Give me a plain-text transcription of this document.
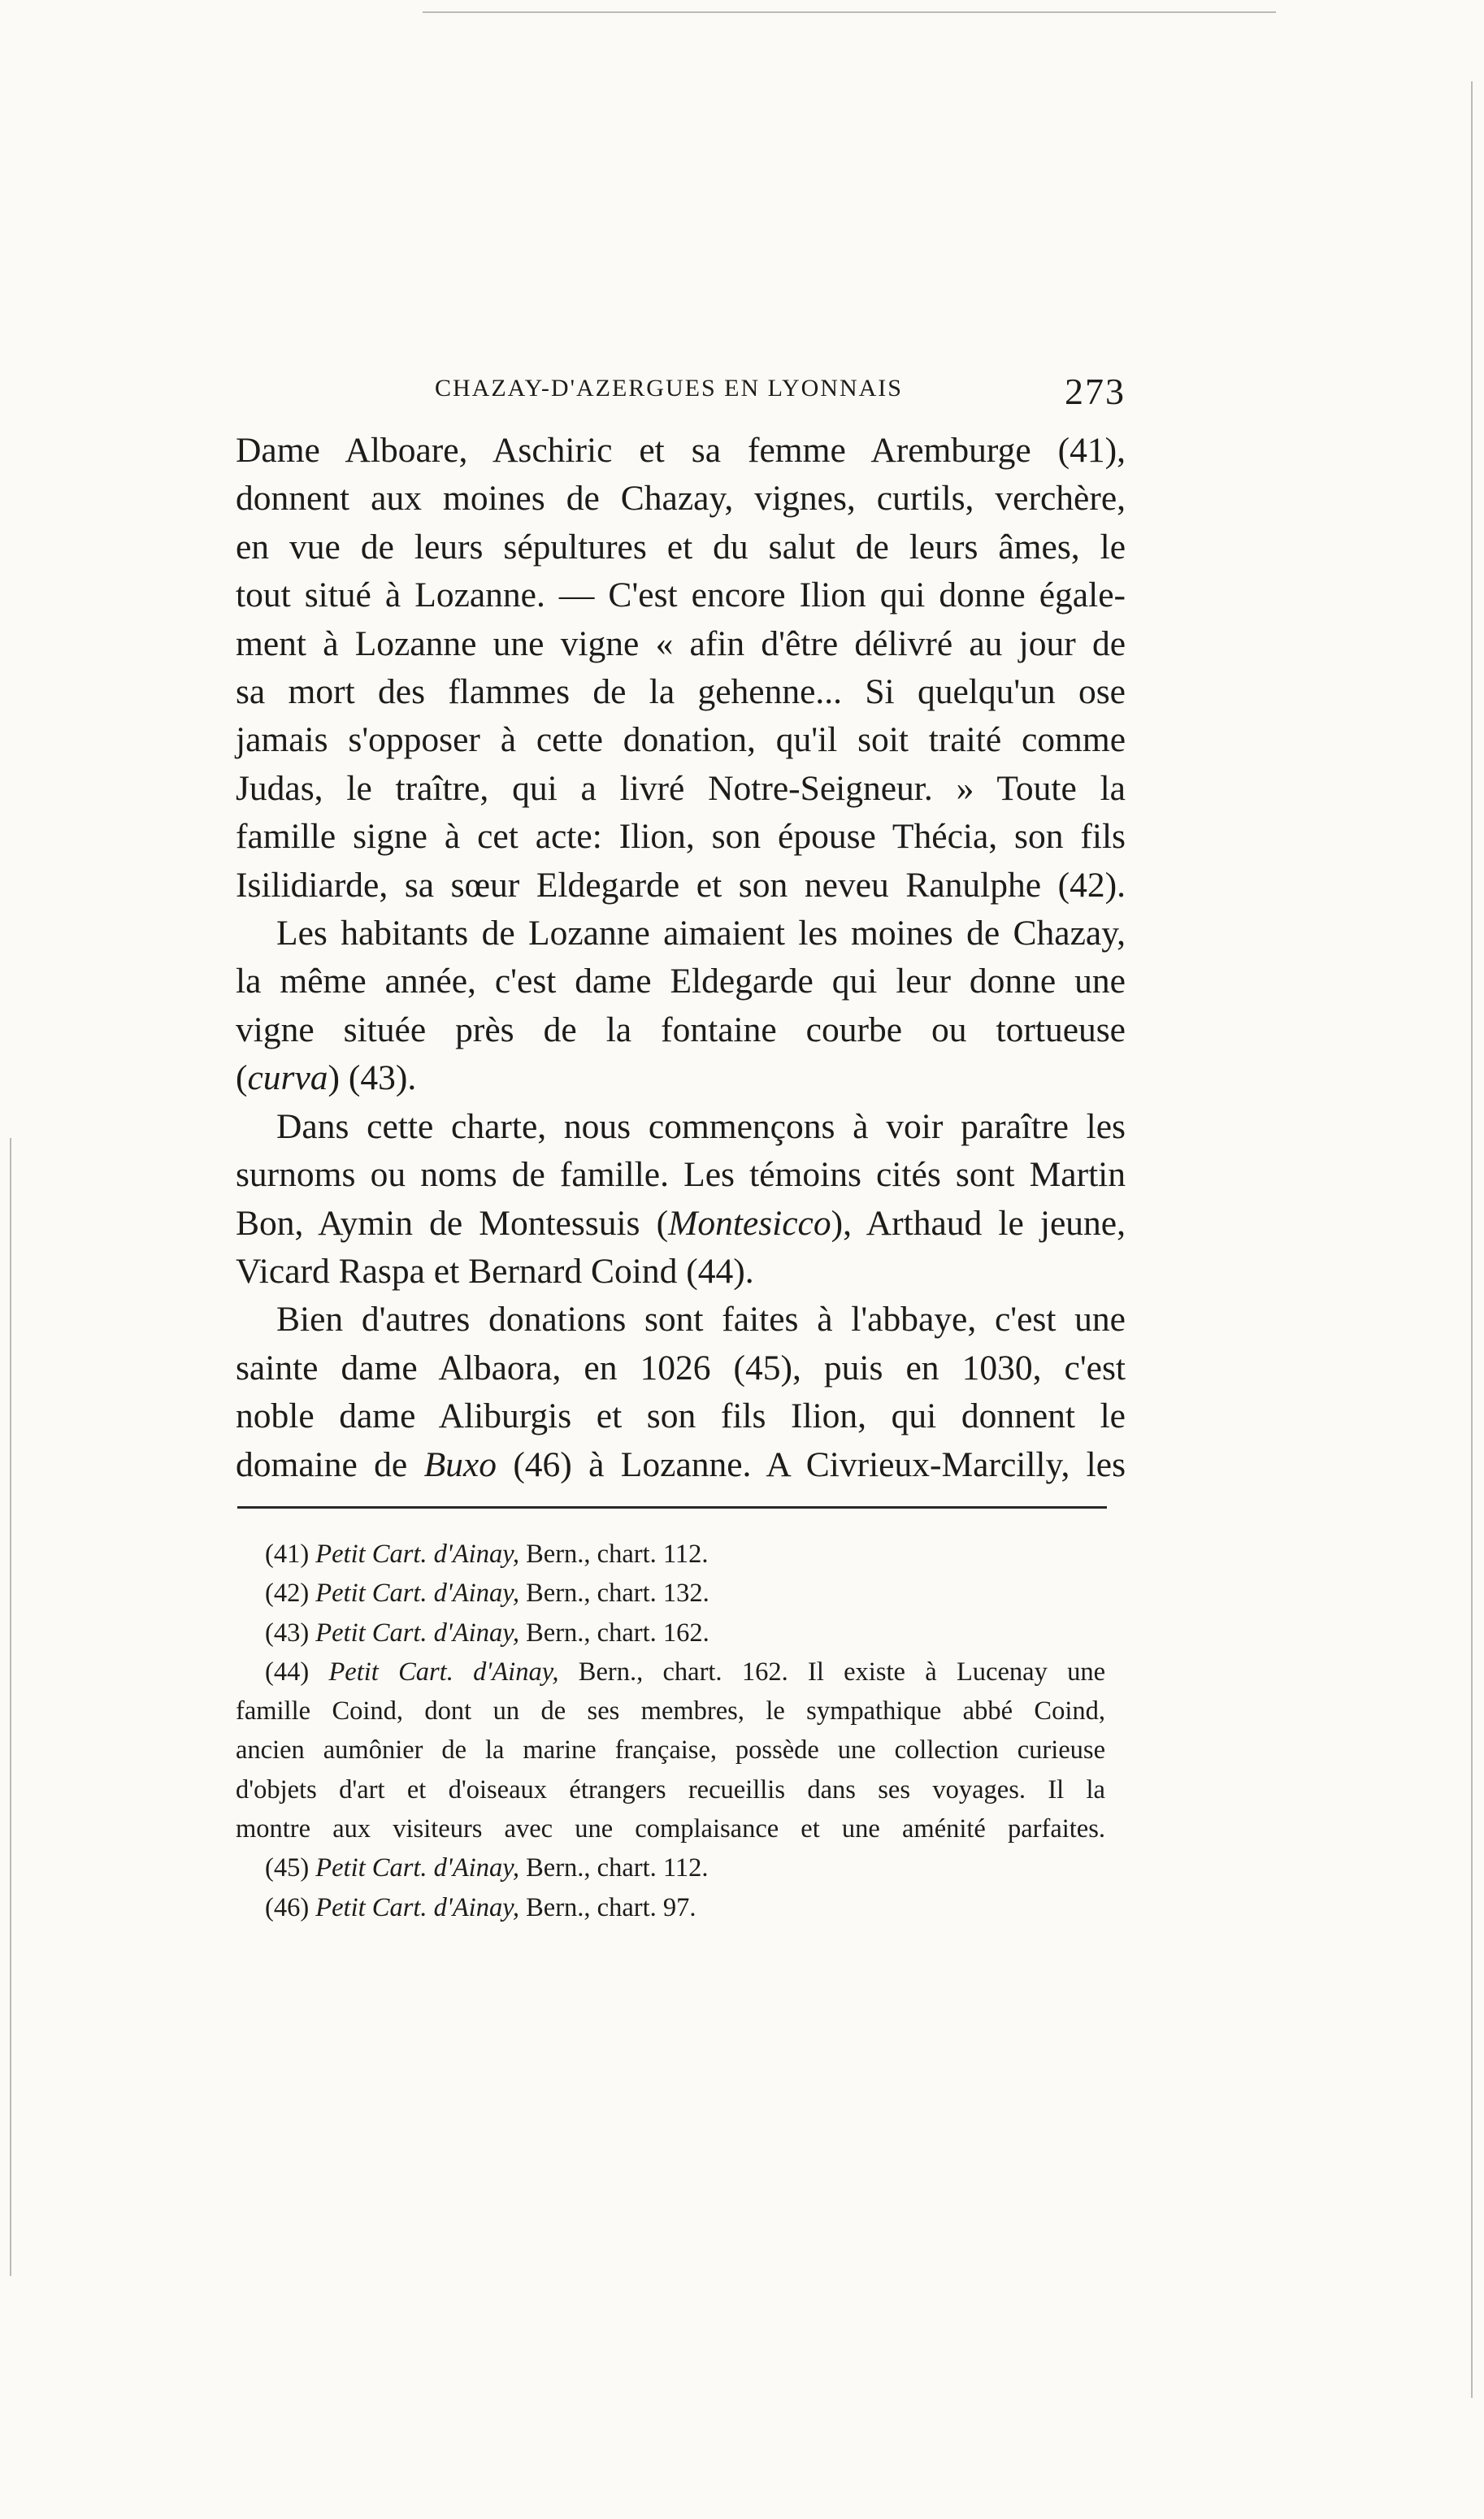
CHAZAY-D'AZERGUES EN LYONNAIS	273
Dame Alboare, Aschiric et sa femme Aremburge (41),
donnent aux moines de Chazay, vignes, curtils, verchère,
en vue de leurs sépultures et du salut de leurs âmes, le
tout situé à Lozanne. — C'est encore Ilion qui donne égale-
ment à Lozanne une vigne « afin d'être délivré au jour de
sa mort des flammes de la gehenne... Si quelqu'un ose
jamais s'opposer à cette donation, qu'il soit traité comme
Judas, le traître, qui a livré Notre-Seigneur. » Toute la
famille signe à cet acte: Ilion, son épouse Thécia, son fils
Isilidiarde, sa sœur Eldegarde et son neveu Ranulphe (42).
Les habitants de Lozanne aimaient les moines de Chazay,
la même année, c'est dame Eldegarde qui leur donne une
vigne située près de la fontaine courbe ou tortueuse
(curva) (43).
Dans cette charte, nous commençons à voir paraître les
surnoms ou noms de famille. Les témoins cités sont Martin
Bon, Aymin de Montessuis (Montesicco), Arthaud le jeune,
Vicard Raspa et Bernard Coind (44).
Bien d'autres donations sont faites à l'abbaye, c'est une
sainte dame Albaora, en 1026 (45), puis en 1030, c'est
noble dame Aliburgis et son fils Ilion, qui donnent le
domaine de Buxo (46) à Lozanne. A Civrieux-Marcilly, les

(41) Petit Cart. d'Ainay, Bern., chart. 112.

(42) Petit Cart. d'Ainay, Bern., chart. 132.

(43) Petit Cart. d'Ainay, Bern., chart. 162.

(44) Petit Cart. d'Ainay, Bern., chart. 162. Il existe à Lucenay une
famille Coind, dont un de ses membres, le sympathique abbé Coind,
ancien aumônier de la marine française, possède une collection curieuse
d'objets d'art et d'oiseaux étrangers recueillis dans ses voyages. Il la
montre aux visiteurs avec une complaisance et une aménité parfaites.

(45) Petit Cart. d'Ainay, Bern., chart. 112.

(46) Petit Cart. d'Ainay, Bern., chart. 97.
